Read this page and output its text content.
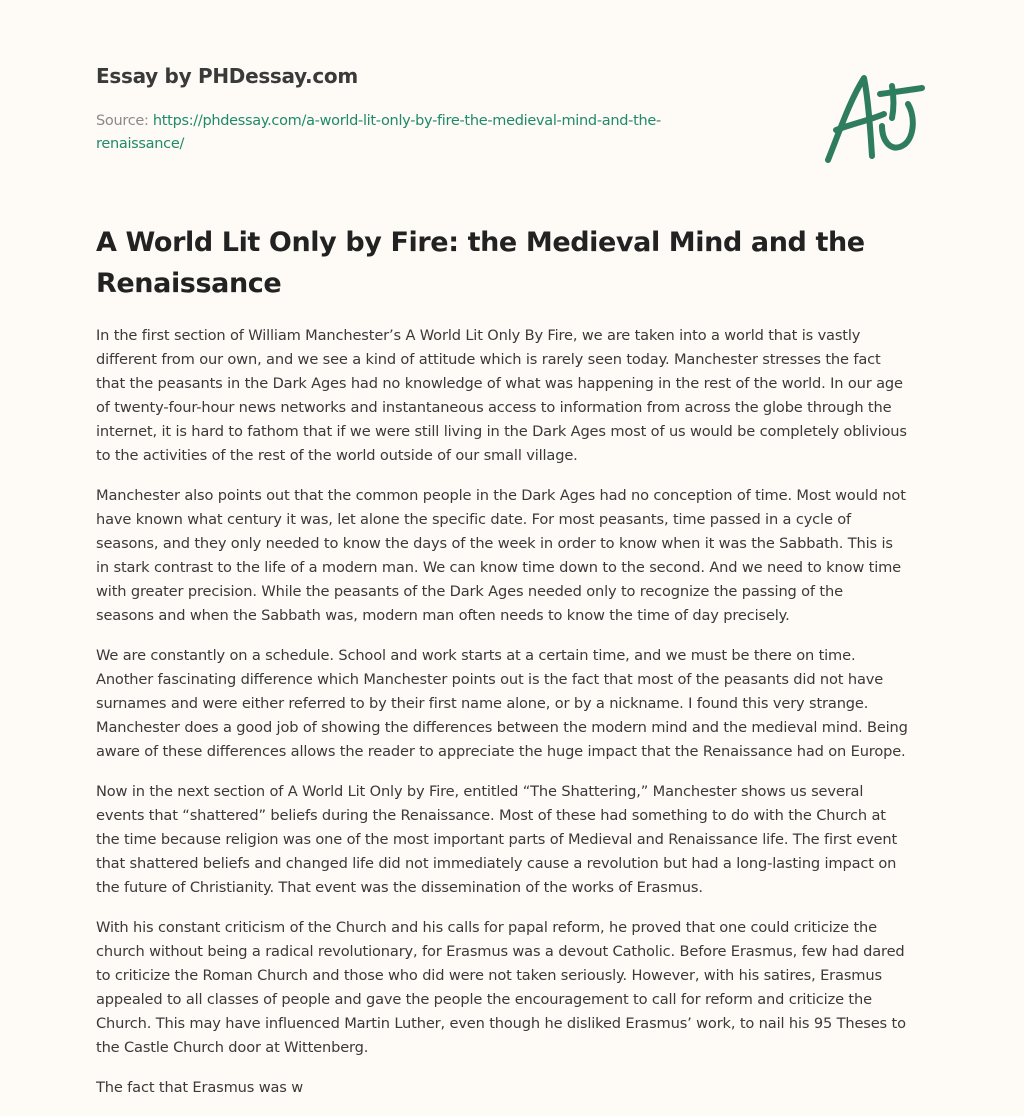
Essay by PHDessay.com
Source: https://phdessay.com/a-world-lit-only-by-fire-the-medieval-mind-and-the-
renaissance/
A World Lit Only by Fire: the Medieval Mind and the
Renaissance

In the first section of William Manchester’s A World Lit Only By Fire, we are taken into a world that is vastly
different from our own, and we see a kind of attitude which is rarely seen today. Manchester stresses the fact
that the peasants in the Dark Ages had no knowledge of what was happening in the rest of the world. In our age
of twenty-four-hour news networks and instantaneous access to information from across the globe through the
internet, it is hard to fathom that if we were still living in the Dark Ages most of us would be completely oblivious
to the activities of the rest of the world outside of our small village.

Manchester also points out that the common people in the Dark Ages had no conception of time. Most would not
have known what century it was, let alone the specific date. For most peasants, time passed in a cycle of
seasons, and they only needed to know the days of the week in order to know when it was the Sabbath. This is
in stark contrast to the life of a modern man. We can know time down to the second. And we need to know time
with greater precision. While the peasants of the Dark Ages needed only to recognize the passing of the
seasons and when the Sabbath was, modern man often needs to know the time of day precisely.

We are constantly on a schedule. School and work starts at a certain time, and we must be there on time.
Another fascinating difference which Manchester points out is the fact that most of the peasants did not have
surnames and were either referred to by their first name alone, or by a nickname. I found this very strange.
Manchester does a good job of showing the differences between the modern mind and the medieval mind. Being
aware of these differences allows the reader to appreciate the huge impact that the Renaissance had on Europe.

Now in the next section of A World Lit Only by Fire, entitled “The Shattering,” Manchester shows us several
events that “shattered” beliefs during the Renaissance. Most of these had something to do with the Church at
the time because religion was one of the most important parts of Medieval and Renaissance life. The first event
that shattered beliefs and changed life did not immediately cause a revolution but had a long-lasting impact on
the future of Christianity. That event was the dissemination of the works of Erasmus.

With his constant criticism of the Church and his calls for papal reform, he proved that one could criticize the
church without being a radical revolutionary, for Erasmus was a devout Catholic. Before Erasmus, few had dared
to criticize the Roman Church and those who did were not taken seriously. However, with his satires, Erasmus
appealed to all classes of people and gave the people the encouragement to call for reform and criticize the
Church. This may have influenced Martin Luther, even though he disliked Erasmus’ work, to nail his 95 Theses to
the Castle Church door at Wittenberg.

The fact that Erasmus was w
